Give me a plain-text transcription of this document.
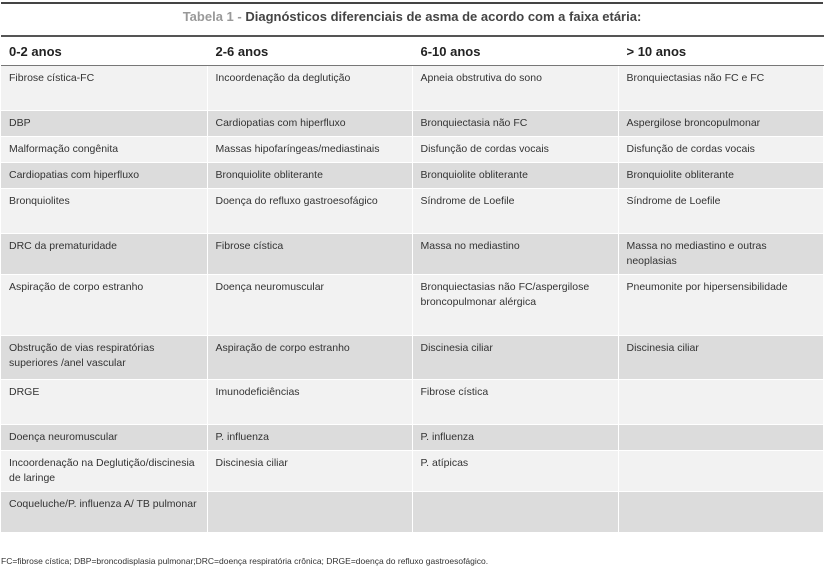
Tabela 1 - Diagnósticos diferenciais de asma de acordo com a faixa etária:
0-2 anos	2-6 anos	6-10 anos	> 10 anos
Fibrose cística-FC	Incoordenação da deglutição	Apneia obstrutiva do sono	Bronquiectasias não FC e FC
DBP	Cardiopatias com hiperfluxo	Bronquiectasia não FC	Aspergilose broncopulmonar
Malformação congênita	Massas hipofaríngeas/mediastinais	Disfunção de cordas vocais	Disfunção de cordas vocais
Cardiopatias com hiperfluxo	Bronquiolite obliterante	Bronquiolite obliterante	Bronquiolite obliterante
Bronquiolites	Doença do refluxo gastroesofágico	Síndrome de Loefile	Síndrome de Loefile
DRC da prematuridade	Fibrose cística	Massa no mediastino	Massa no mediastino e outras neoplasias
Aspiração de corpo estranho	Doença neuromuscular	Bronquiectasias não FC/aspergilose broncopulmonar alérgica	Pneumonite por hipersensibilidade
Obstrução de vias respiratórias superiores /anel vascular	Aspiração de corpo estranho	Discinesia ciliar	Discinesia ciliar
DRGE	Imunodeficiências	Fibrose cística	
Doença neuromuscular	P. influenza	P. influenza	
Incoordenação na Deglutição/discinesia de laringe	Discinesia ciliar	P. atípicas	
Coqueluche/P. influenza A/ TB pulmonar			
FC=fibrose cística; DBP=broncodisplasia pulmonar;DRC=doença respiratória crônica; DRGE=doença do refluxo gastroesofágico.
